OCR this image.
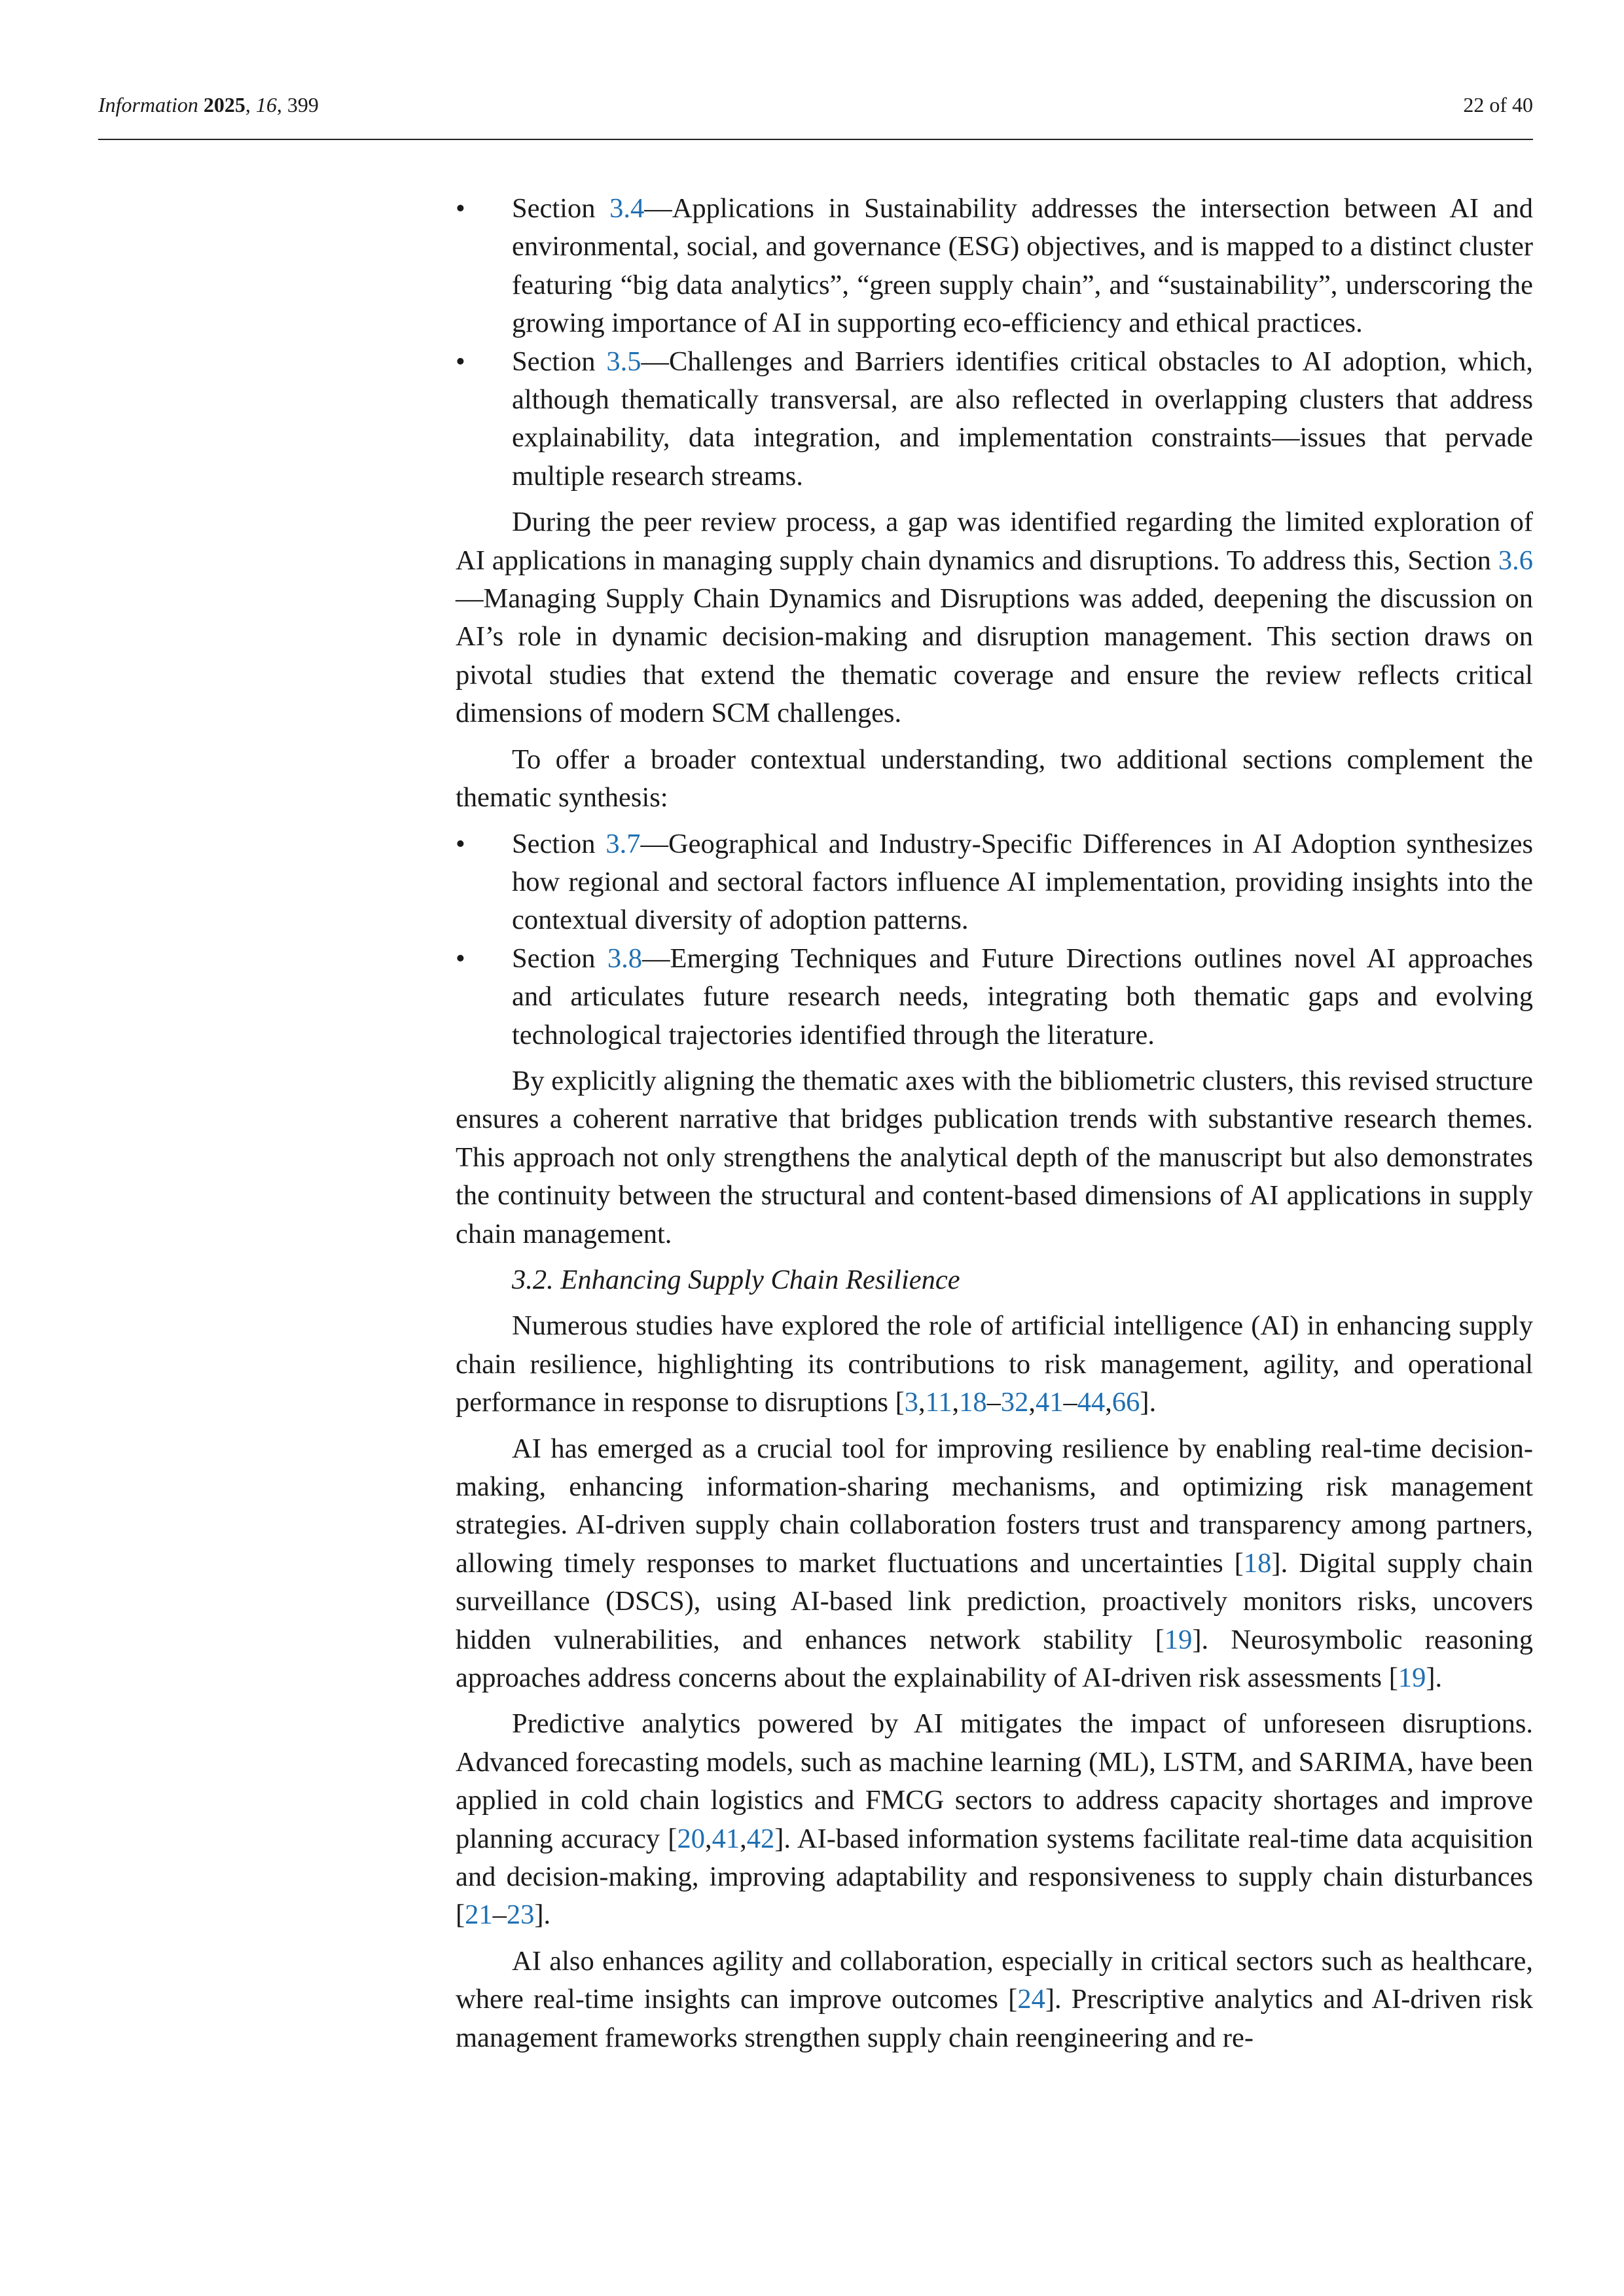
Information 2025, 16, 399	22 of 40
• Section 3.4—Applications in Sustainability addresses the intersection between AI and environmental, social, and governance (ESG) objectives, and is mapped to a distinct cluster featuring “big data analytics”, “green supply chain”, and “sustainability”, underscoring the growing importance of AI in supporting eco-efficiency and ethical practices.
• Section 3.5—Challenges and Barriers identifies critical obstacles to AI adoption, which, although thematically transversal, are also reflected in overlapping clusters that address explainability, data integration, and implementation constraints—issues that pervade multiple research streams.

During the peer review process, a gap was identified regarding the limited exploration of AI applications in managing supply chain dynamics and disruptions. To address this, Section 3.6—Managing Supply Chain Dynamics and Disruptions was added, deepening the discussion on AI’s role in dynamic decision-making and disruption management. This section draws on pivotal studies that extend the thematic coverage and ensure the review reflects critical dimensions of modern SCM challenges.

To offer a broader contextual understanding, two additional sections complement the thematic synthesis:

• Section 3.7—Geographical and Industry-Specific Differences in AI Adoption synthesizes how regional and sectoral factors influence AI implementation, providing insights into the contextual diversity of adoption patterns.
• Section 3.8—Emerging Techniques and Future Directions outlines novel AI approaches and articulates future research needs, integrating both thematic gaps and evolving technological trajectories identified through the literature.

By explicitly aligning the thematic axes with the bibliometric clusters, this revised structure ensures a coherent narrative that bridges publication trends with substantive research themes. This approach not only strengthens the analytical depth of the manuscript but also demonstrates the continuity between the structural and content-based dimensions of AI applications in supply chain management.

3.2. Enhancing Supply Chain Resilience

Numerous studies have explored the role of artificial intelligence (AI) in enhancing supply chain resilience, highlighting its contributions to risk management, agility, and operational performance in response to disruptions [3,11,18–32,41–44,66].

AI has emerged as a crucial tool for improving resilience by enabling real-time decision-making, enhancing information-sharing mechanisms, and optimizing risk management strategies. AI-driven supply chain collaboration fosters trust and transparency among partners, allowing timely responses to market fluctuations and uncertainties [18]. Digital supply chain surveillance (DSCS), using AI-based link prediction, proactively monitors risks, uncovers hidden vulnerabilities, and enhances network stability [19]. Neurosymbolic reasoning approaches address concerns about the explainability of AI-driven risk assessments [19].

Predictive analytics powered by AI mitigates the impact of unforeseen disruptions. Advanced forecasting models, such as machine learning (ML), LSTM, and SARIMA, have been applied in cold chain logistics and FMCG sectors to address capacity shortages and improve planning accuracy [20,41,42]. AI-based information systems facilitate real-time data acquisition and decision-making, improving adaptability and responsiveness to supply chain disturbances [21–23].

AI also enhances agility and collaboration, especially in critical sectors such as healthcare, where real-time insights can improve outcomes [24]. Prescriptive analytics and AI-driven risk management frameworks strengthen supply chain reengineering and re-
